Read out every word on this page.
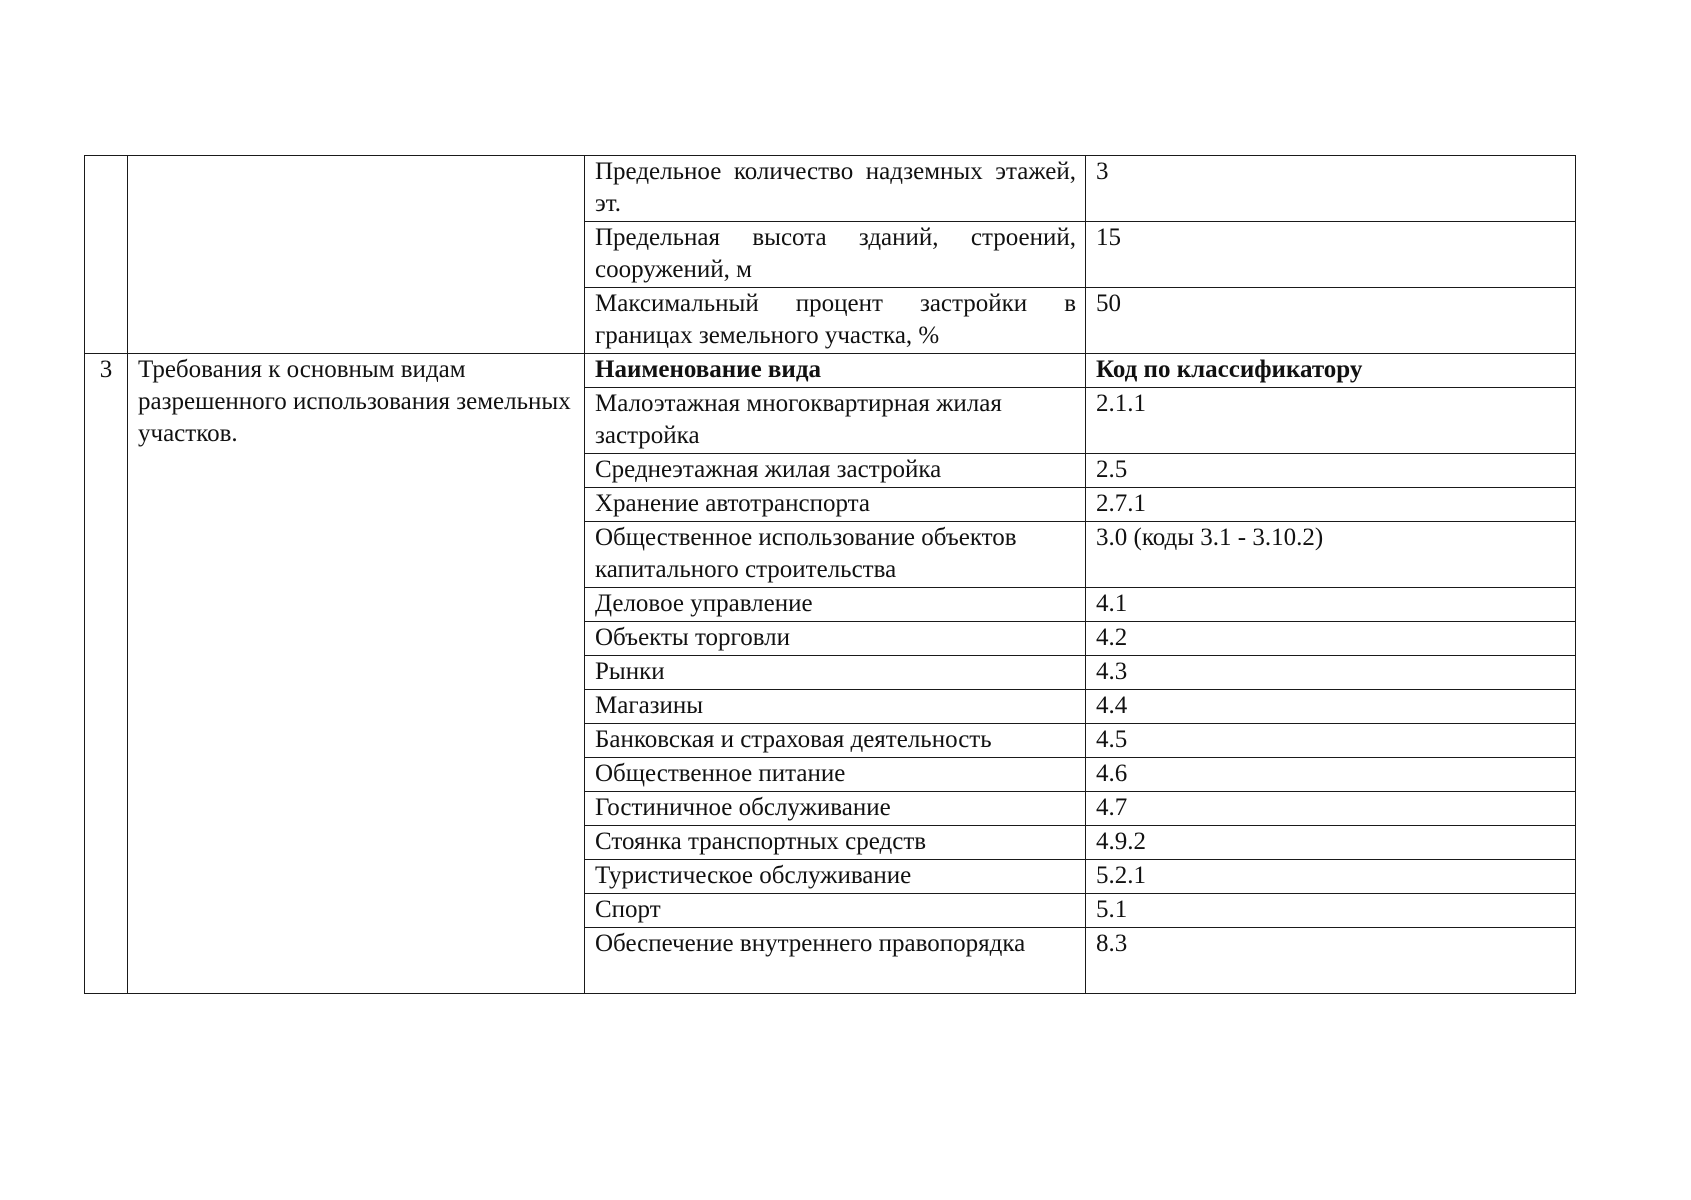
		Предельное количество надземных этажей, эт.	3
		Предельная высота зданий, строений, сооружений, м	15
		Максимальный процент застройки в границах земельного участка, %	50
3	Требования к основным видам разрешенного использования земельных участков.	Наименование вида	Код по классификатору
		Малоэтажная многоквартирная жилая застройка	2.1.1
		Среднеэтажная жилая застройка	2.5
		Хранение автотранспорта	2.7.1
		Общественное использование объектов капитального строительства	3.0 (коды 3.1 - 3.10.2)
		Деловое управление	4.1
		Объекты торговли	4.2
		Рынки	4.3
		Магазины	4.4
		Банковская и страховая деятельность	4.5
		Общественное питание	4.6
		Гостиничное обслуживание	4.7
		Стоянка транспортных средств	4.9.2
		Туристическое обслуживание	5.2.1
		Спорт	5.1
		Обеспечение внутреннего правопорядка	8.3
